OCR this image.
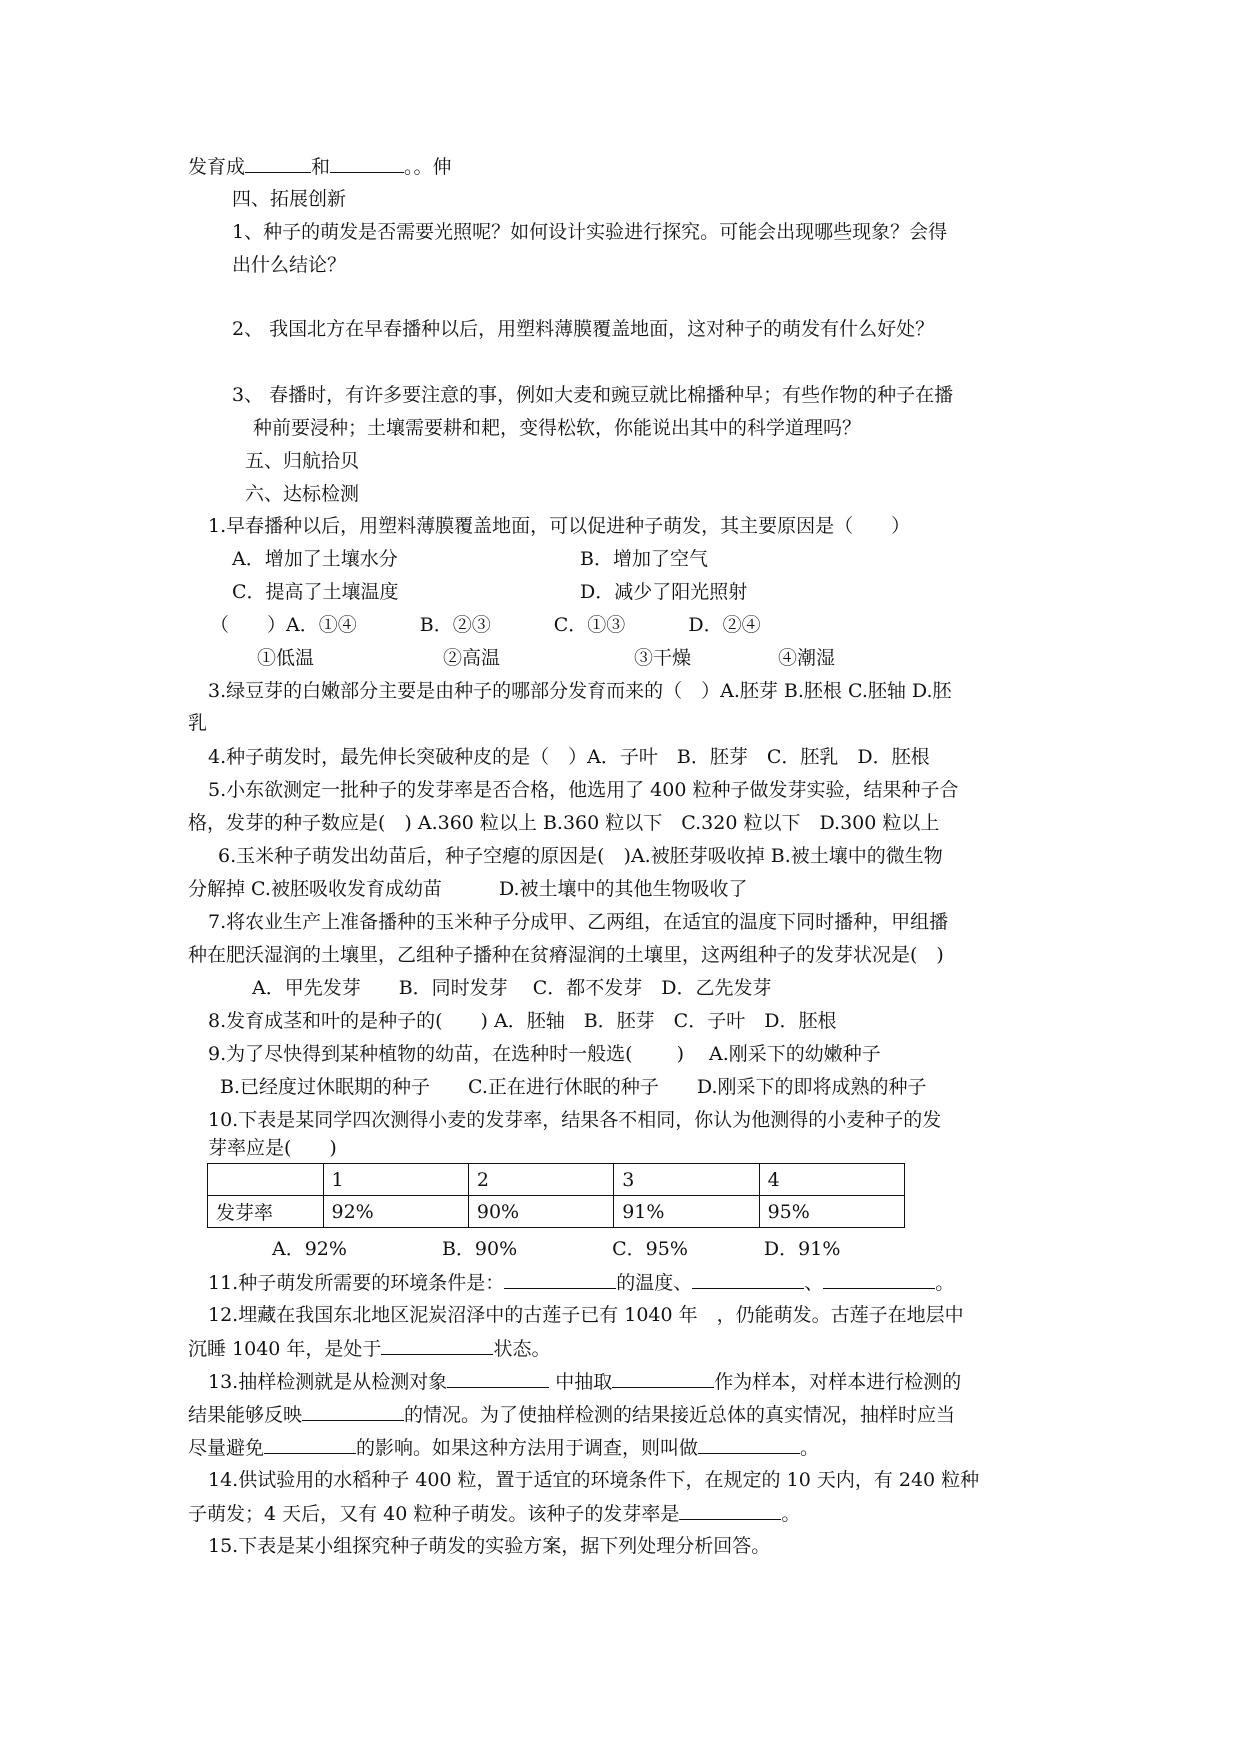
发育成	和	。。伸
四、拓展创新
1、种子的萌发是否需要光照呢？如何设计实验进行探究。可能会出现哪些现象？会得
出什么结论？
2、 我国北方在早春播种以后，用塑料薄膜覆盖地面，这对种子的萌发有什么好处？
3、 春播时，有许多要注意的事，例如大麦和豌豆就比棉播种早；有些作物的种子在播
种前要浸种；土壤需要耕和耙，变得松软，你能说出其中的科学道理吗？
五、归航拾贝
六、达标检测
1.早春播种以后，用塑料薄膜覆盖地面，可以促进种子萌发，其主要原因是（　　）
A．增加了土壤水分	B．增加了空气
C．提高了土壤温度	D．减少了阳光照射
（　　）A．①④　　　 B．②③　　　 C．①③　　　 D．②④
①低温	②高温	③干燥	④潮湿
3.绿豆芽的白嫩部分主要是由种子的哪部分发育而来的（　）A.胚芽 B.胚根 C.胚轴 D.胚
乳
4.种子萌发时，最先伸长突破种皮的是（　）A．子叶　B．胚芽　C．胚乳　D．胚根
5.小东欲测定一批种子的发芽率是否合格，他选用了 400 粒种子做发芽实验，结果种子合
格，发芽的种子数应是(　) A.360 粒以上 B.360 粒以下　C.320 粒以下　D.300 粒以上
6.玉米种子萌发出幼苗后，种子空瘪的原因是(　)A.被胚芽吸收掉 B.被土壤中的微生物
分解掉 C.被胚吸收发育成幼苗　　　D.被土壤中的其他生物吸收了
7.将农业生产上准备播种的玉米种子分成甲、乙两组，在适宜的温度下同时播种，甲组播
种在肥沃湿润的土壤里，乙组种子播种在贫瘠湿润的土壤里，这两组种子的发芽状况是(　)
A．甲先发芽　　B．同时发芽　 C．都不发芽　D．乙先发芽
8.发育成茎和叶的是种子的(　　) A．胚轴　B．胚芽　C．子叶　D．胚根
9.为了尽快得到某种植物的幼苗，在选种时一般选(　　 )　 A.刚采下的幼嫩种子
B.已经度过休眠期的种子　　C.正在进行休眠的种子　　D.刚采下的即将成熟的种子
10.下表是某同学四次测得小麦的发芽率，结果各不相同，你认为他测得的小麦种子的发
芽率应是(　　)
	1	2	3	4
发芽率	92%	90%	91%	95%
A．92%　　　　　B．90%　　　　　C．95%　　　　D．91%
11.种子萌发所需要的环境条件是：	的温度、	、	。
12.埋藏在我国东北地区泥炭沼泽中的古莲子已有 1040 年　，仍能萌发。古莲子在地层中
沉睡 1040 年，是处于	状态。
13.抽样检测就是从检测对象	中抽取	作为样本，对样本进行检测的
结果能够反映	的情况。为了使抽样检测的结果接近总体的真实情况，抽样时应当
尽量避免	的影响。如果这种方法用于调查，则叫做	。
14.供试验用的水稻种子 400 粒，置于适宜的环境条件下，在规定的 10 天内，有 240 粒种
子萌发；4 天后，又有 40 粒种子萌发。该种子的发芽率是	。
15.下表是某小组探究种子萌发的实验方案，据下列处理分析回答。
